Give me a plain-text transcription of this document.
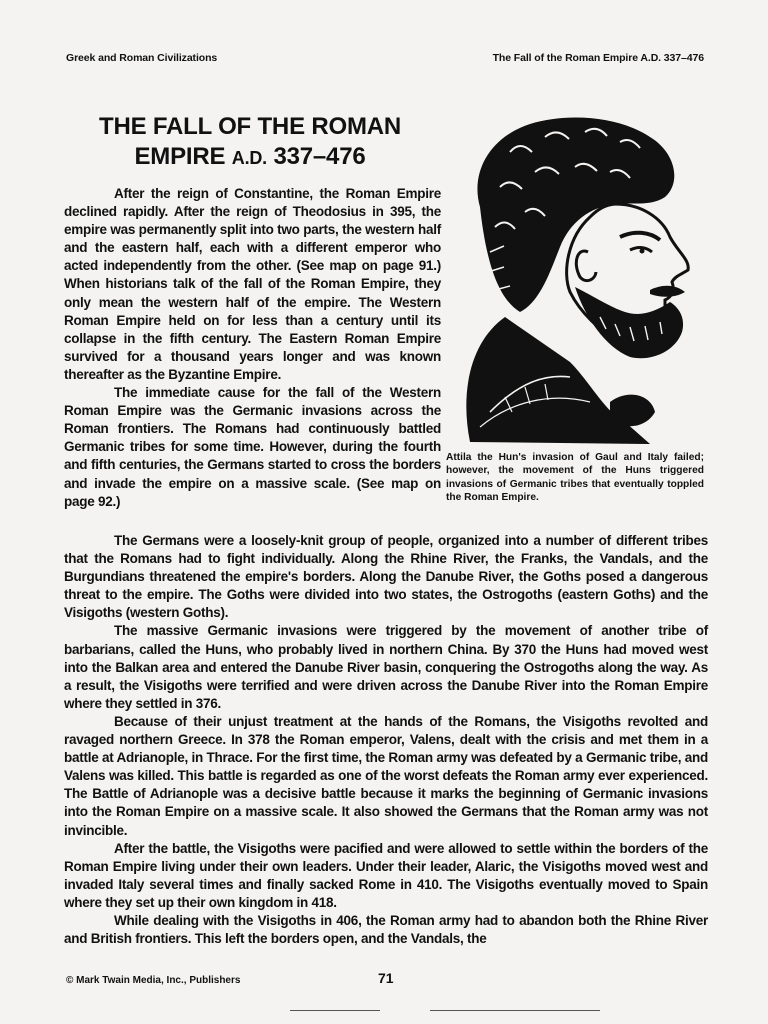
Greek and Roman Civilizations	The Fall of the Roman Empire A.D. 337–476
THE FALL OF THE ROMAN
EMPIRE A.D. 337–476
Attila the Hun's invasion of Gaul and Italy failed; however, the movement of the Huns triggered invasions of Germanic tribes that eventually toppled the Roman Empire.

After the reign of Constantine, the Roman Empire declined rapidly. After the reign of Theodosius in 395, the empire was permanently split into two parts, the western half and the eastern half, each with a different emperor who acted independently from the other. (See map on page 91.) When historians talk of the fall of the Roman Empire, they only mean the western half of the empire. The Western Roman Empire held on for less than a century until its collapse in the fifth century. The Eastern Roman Empire survived for a thousand years longer and was known thereafter as the Byzantine Empire.

The immediate cause for the fall of the Western Roman Empire was the Germanic invasions across the Roman frontiers. The Romans had continuously battled Germanic tribes for some time. However, during the fourth and fifth centuries, the Germans started to cross the borders and invade the empire on a massive scale. (See map on page 92.)

The Germans were a loosely-knit group of people, organized into a number of different tribes that the Romans had to fight individually. Along the Rhine River, the Franks, the Vandals, and the Burgundians threatened the empire's borders. Along the Danube River, the Goths posed a dangerous threat to the empire. The Goths were divided into two states, the Ostrogoths (eastern Goths) and the Visigoths (western Goths).

The massive Germanic invasions were triggered by the movement of another tribe of barbarians, called the Huns, who probably lived in northern China. By 370 the Huns had moved west into the Balkan area and entered the Danube River basin, conquering the Ostrogoths along the way. As a result, the Visigoths were terrified and were driven across the Danube River into the Roman Empire where they settled in 376.

Because of their unjust treatment at the hands of the Romans, the Visigoths revolted and ravaged northern Greece. In 378 the Roman emperor, Valens, dealt with the crisis and met them in a battle at Adrianople, in Thrace. For the first time, the Roman army was defeated by a Germanic tribe, and Valens was killed. This battle is regarded as one of the worst defeats the Roman army ever experienced. The Battle of Adrianople was a decisive battle because it marks the beginning of Germanic invasions into the Roman Empire on a massive scale. It also showed the Germans that the Roman army was not invincible.

After the battle, the Visigoths were pacified and were allowed to settle within the borders of the Roman Empire living under their own leaders. Under their leader, Alaric, the Visigoths moved west and invaded Italy several times and finally sacked Rome in 410. The Visigoths eventually moved to Spain where they set up their own kingdom in 418.

While dealing with the Visigoths in 406, the Roman army had to abandon both the Rhine River and British frontiers. This left the borders open, and the Vandals, the

© Mark Twain Media, Inc., Publishers	71
